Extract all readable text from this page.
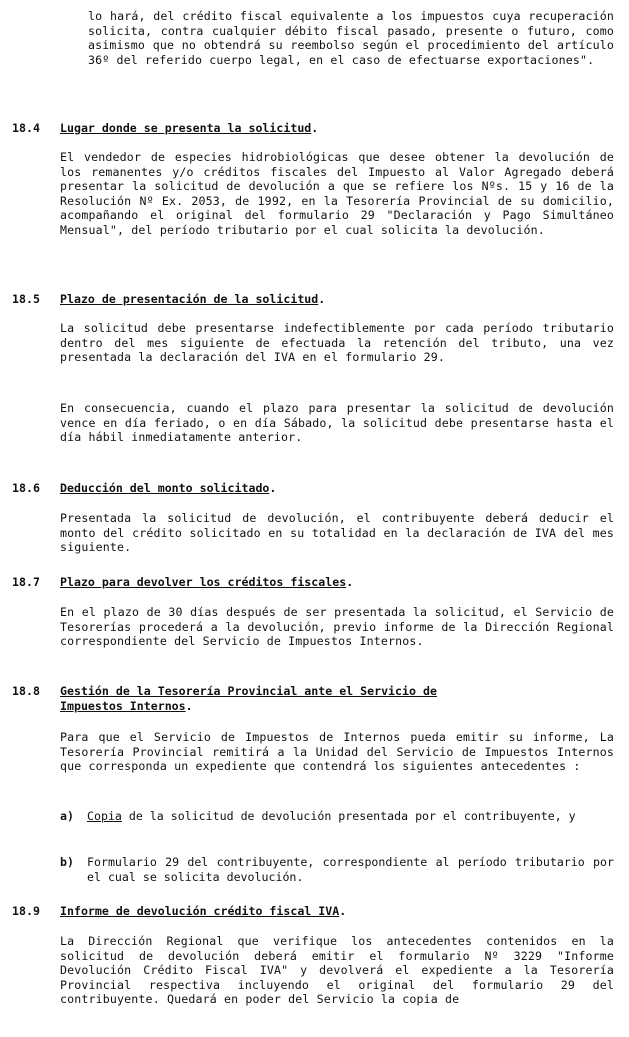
lo hará, del crédito fiscal equivalente a los impuestos cuya recuperación solicita, contra cualquier débito fiscal pasado, presente o futuro, como asimismo que no obtendrá su reembolso según el procedimiento del artículo 36º del referido cuerpo legal, en el caso de efectuarse exportaciones".

18.4 Lugar donde se presenta la solicitud.

El vendedor de especies hidrobiológicas que desee obtener la devolución de los remanentes y/o créditos fiscales del Impuesto al Valor Agregado deberá presentar la solicitud de devolución a que se refiere los Nºs. 15 y 16 de la Resolución Nº Ex. 2053, de 1992, en la Tesorería Provincial de su domicilio, acompañando el original del formulario 29 "Declaración y Pago Simultáneo Mensual", del período tributario por el cual solicita la devolución.

18.5 Plazo de presentación de la solicitud.

La solicitud debe presentarse indefectiblemente por cada período tributario dentro del mes siguiente de efectuada la retención del tributo, una vez presentada la declaración del IVA en el formulario 29.

En consecuencia, cuando el plazo para presentar la solicitud de devolución vence en día feriado, o en día Sábado, la solicitud debe presentarse hasta el día hábil inmediatamente anterior.

18.6 Deducción del monto solicitado.

Presentada la solicitud de devolución, el contribuyente deberá deducir el monto del crédito solicitado en su totalidad en la declaración de IVA del mes siguiente.

18.7 Plazo para devolver los créditos fiscales.

En el plazo de 30 días después de ser presentada la solicitud, el Servicio de Tesorerías procederá a la devolución, previo informe de la Dirección Regional correspondiente del Servicio de Impuestos Internos.

18.8 Gestión de la Tesorería Provincial ante el Servicio de
Impuestos Internos.

Para que el Servicio de Impuestos de Internos pueda emitir su informe, La Tesorería Provincial remitirá a la Unidad del Servicio de Impuestos Internos que corresponda un expediente que contendrá los siguientes antecedentes :

a) Copia de la solicitud de devolución presentada por el contribuyente, y
b) Formulario 29 del contribuyente, correspondiente al período tributario por el cual se solicita devolución.
18.9 Informe de devolución crédito fiscal IVA.

La Dirección Regional que verifique los antecedentes contenidos en la solicitud de devolución deberá emitir el formulario Nº 3229 "Informe Devolución Crédito Fiscal IVA" y devolverá el expediente a la Tesorería Provincial respectiva incluyendo el original del formulario 29 del contribuyente. Quedará en poder del Servicio la copia de
